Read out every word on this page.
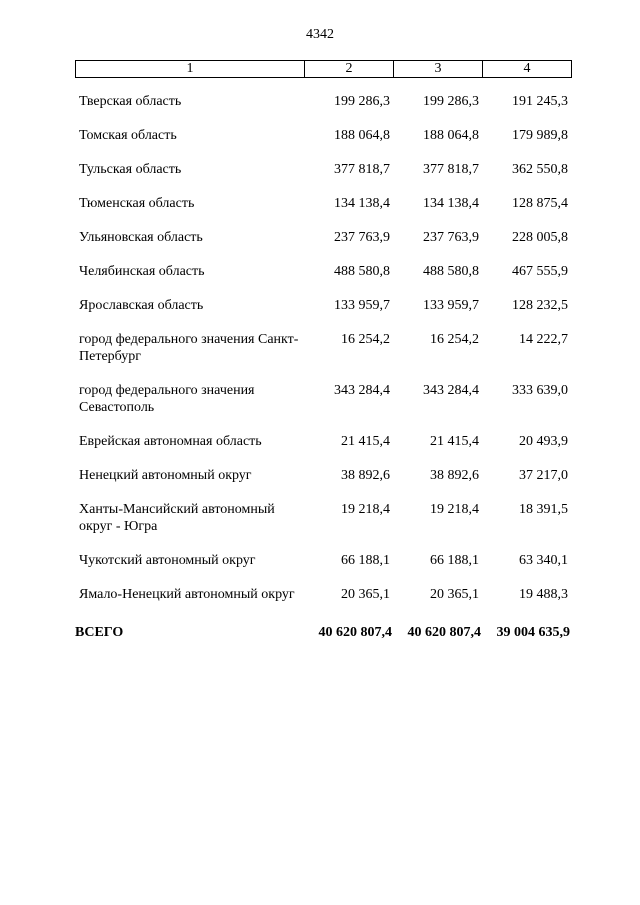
4342
1	2	3	4
Тверская область	199 286,3	199 286,3	191 245,3
Томская область	188 064,8	188 064,8	179 989,8
Тульская область	377 818,7	377 818,7	362 550,8
Тюменская область	134 138,4	134 138,4	128 875,4
Ульяновская область	237 763,9	237 763,9	228 005,8
Челябинская область	488 580,8	488 580,8	467 555,9
Ярославская область	133 959,7	133 959,7	128 232,5
город федерального значения Санкт-Петербург	16 254,2	16 254,2	14 222,7
город федерального значения Севастополь	343 284,4	343 284,4	333 639,0
Еврейская автономная область	21 415,4	21 415,4	20 493,9
Ненецкий автономный округ	38 892,6	38 892,6	37 217,0
Ханты-Мансийский автономный округ - Югра	19 218,4	19 218,4	18 391,5
Чукотский автономный округ	66 188,1	66 188,1	63 340,1
Ямало-Ненецкий автономный округ	20 365,1	20 365,1	19 488,3
ВСЕГО	40 620 807,4	40 620 807,4	39 004 635,9
